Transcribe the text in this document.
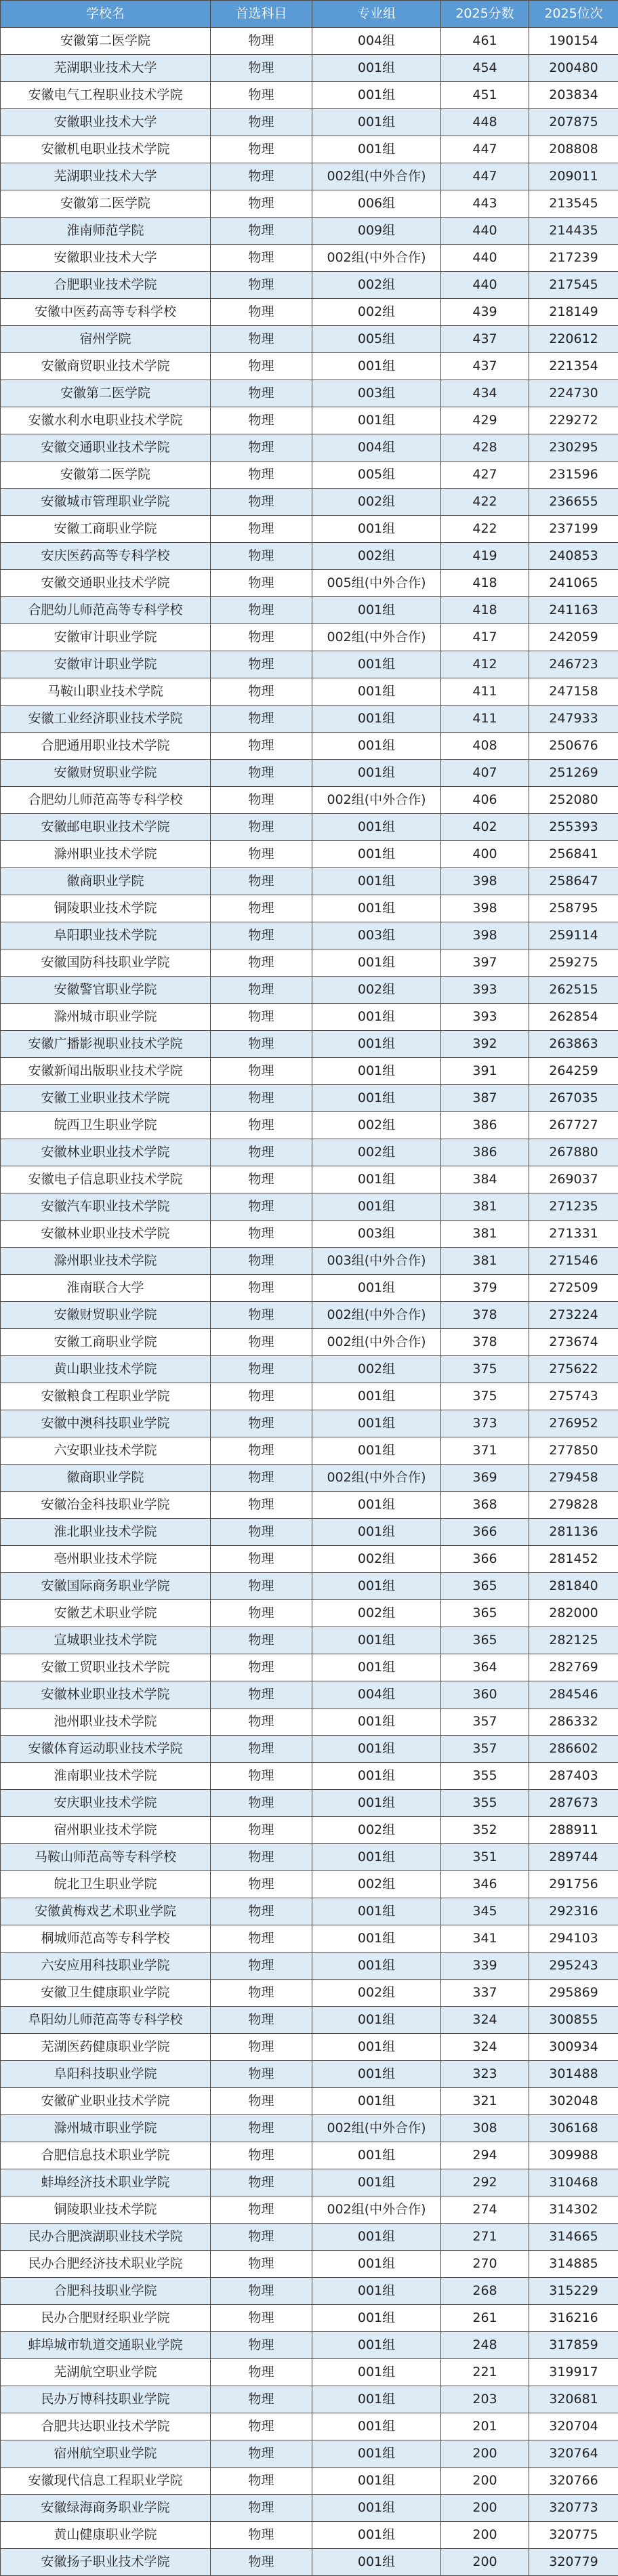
学校名	首选科目	专业组	2025分数	2025位次
安徽第二医学院	物理	004组	461	190154
芜湖职业技术大学	物理	001组	454	200480
安徽电气工程职业技术学院	物理	001组	451	203834
安徽职业技术大学	物理	001组	448	207875
安徽机电职业技术学院	物理	001组	447	208808
芜湖职业技术大学	物理	002组(中外合作)	447	209011
安徽第二医学院	物理	006组	443	213545
淮南师范学院	物理	009组	440	214435
安徽职业技术大学	物理	002组(中外合作)	440	217239
合肥职业技术学院	物理	002组	440	217545
安徽中医药高等专科学校	物理	002组	439	218149
宿州学院	物理	005组	437	220612
安徽商贸职业技术学院	物理	001组	437	221354
安徽第二医学院	物理	003组	434	224730
安徽水利水电职业技术学院	物理	001组	429	229272
安徽交通职业技术学院	物理	004组	428	230295
安徽第二医学院	物理	005组	427	231596
安徽城市管理职业学院	物理	002组	422	236655
安徽工商职业学院	物理	001组	422	237199
安庆医药高等专科学校	物理	002组	419	240853
安徽交通职业技术学院	物理	005组(中外合作)	418	241065
合肥幼儿师范高等专科学校	物理	001组	418	241163
安徽审计职业学院	物理	002组(中外合作)	417	242059
安徽审计职业学院	物理	001组	412	246723
马鞍山职业技术学院	物理	001组	411	247158
安徽工业经济职业技术学院	物理	001组	411	247933
合肥通用职业技术学院	物理	001组	408	250676
安徽财贸职业学院	物理	001组	407	251269
合肥幼儿师范高等专科学校	物理	002组(中外合作)	406	252080
安徽邮电职业技术学院	物理	001组	402	255393
滁州职业技术学院	物理	001组	400	256841
徽商职业学院	物理	001组	398	258647
铜陵职业技术学院	物理	001组	398	258795
阜阳职业技术学院	物理	003组	398	259114
安徽国防科技职业学院	物理	001组	397	259275
安徽警官职业学院	物理	002组	393	262515
滁州城市职业学院	物理	001组	393	262854
安徽广播影视职业技术学院	物理	001组	392	263863
安徽新闻出版职业技术学院	物理	001组	391	264259
安徽工业职业技术学院	物理	001组	387	267035
皖西卫生职业学院	物理	002组	386	267727
安徽林业职业技术学院	物理	002组	386	267880
安徽电子信息职业技术学院	物理	001组	384	269037
安徽汽车职业技术学院	物理	001组	381	271235
安徽林业职业技术学院	物理	003组	381	271331
滁州职业技术学院	物理	003组(中外合作)	381	271546
淮南联合大学	物理	001组	379	272509
安徽财贸职业学院	物理	002组(中外合作)	378	273224
安徽工商职业学院	物理	002组(中外合作)	378	273674
黄山职业技术学院	物理	002组	375	275622
安徽粮食工程职业学院	物理	001组	375	275743
安徽中澳科技职业学院	物理	001组	373	276952
六安职业技术学院	物理	001组	371	277850
徽商职业学院	物理	002组(中外合作)	369	279458
安徽冶金科技职业学院	物理	001组	368	279828
淮北职业技术学院	物理	001组	366	281136
亳州职业技术学院	物理	002组	366	281452
安徽国际商务职业学院	物理	001组	365	281840
安徽艺术职业学院	物理	002组	365	282000
宣城职业技术学院	物理	001组	365	282125
安徽工贸职业技术学院	物理	001组	364	282769
安徽林业职业技术学院	物理	004组	360	284546
池州职业技术学院	物理	001组	357	286332
安徽体育运动职业技术学院	物理	001组	357	286602
淮南职业技术学院	物理	001组	355	287403
安庆职业技术学院	物理	001组	355	287673
宿州职业技术学院	物理	002组	352	288911
马鞍山师范高等专科学校	物理	001组	351	289744
皖北卫生职业学院	物理	002组	346	291756
安徽黄梅戏艺术职业学院	物理	001组	345	292316
桐城师范高等专科学校	物理	001组	341	294103
六安应用科技职业学院	物理	001组	339	295243
安徽卫生健康职业学院	物理	002组	337	295869
阜阳幼儿师范高等专科学校	物理	001组	324	300855
芜湖医药健康职业学院	物理	001组	324	300934
阜阳科技职业学院	物理	001组	323	301488
安徽矿业职业技术学院	物理	001组	321	302048
滁州城市职业学院	物理	002组(中外合作)	308	306168
合肥信息技术职业学院	物理	001组	294	309988
蚌埠经济技术职业学院	物理	001组	292	310468
铜陵职业技术学院	物理	002组(中外合作)	274	314302
民办合肥滨湖职业技术学院	物理	001组	271	314665
民办合肥经济技术职业学院	物理	001组	270	314885
合肥科技职业学院	物理	001组	268	315229
民办合肥财经职业学院	物理	001组	261	316216
蚌埠城市轨道交通职业学院	物理	001组	248	317859
芜湖航空职业学院	物理	001组	221	319917
民办万博科技职业学院	物理	001组	203	320681
合肥共达职业技术学院	物理	001组	201	320704
宿州航空职业学院	物理	001组	200	320764
安徽现代信息工程职业学院	物理	001组	200	320766
安徽绿海商务职业学院	物理	001组	200	320773
黄山健康职业学院	物理	001组	200	320775
安徽扬子职业技术学院	物理	001组	200	320779
